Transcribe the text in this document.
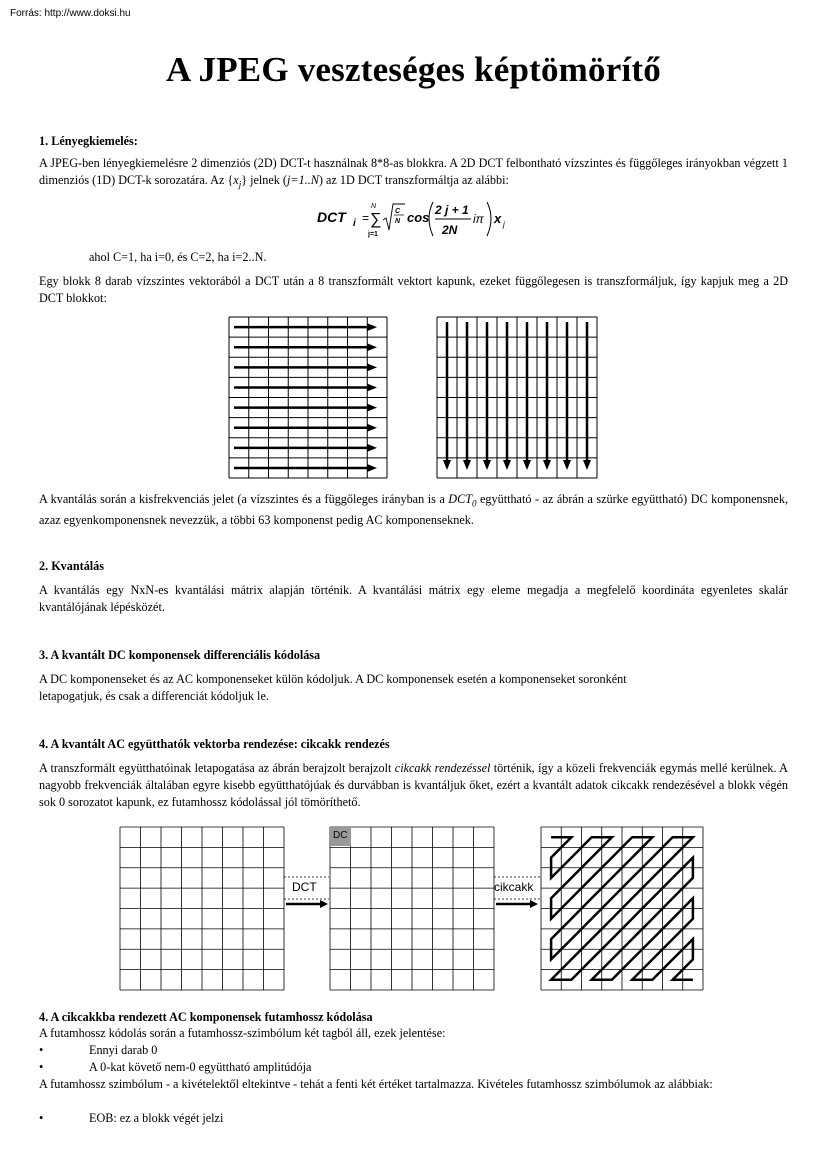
Forrás: http://www.doksi.hu
A JPEG veszteséges képtömörítő
1. Lényegkiemelés:
A JPEG-ben lényegkiemelésre 2 dimenziós (2D) DCT-t használnak 8*8-as blokkra. A 2D DCT felbontható vízszintes és függőleges irányokban végzett 1 dimenziós (1D) DCT-k sorozatára. Az $\{x_j\}$ jelnek (j=1..N) az 1D DCT transzformáltja az alábbi:
DCT i =
N
∑
j=1
C
N cos 2 j + 1
2N
iπ x j
ahol C=1, ha i=0, és C=2, ha i=2..N.
Egy blokk 8 darab vízszintes vektorából a DCT után a 8 transzformált vektort kapunk, ezeket függőlegesen is transzformáljuk, így kapjuk meg a 2D DCT blokkot:
A kvantálás során a kisfrekvenciás jelet (a vízszintes és a függőleges irányban is a $DCT_0$ együttható - az ábrán a szürke együttható) DC komponensnek, azaz egyenkomponensnek nevezzük, a többi 63 komponenst pedig AC komponenseknek.
2. Kvantálás
A kvantálás egy NxN-es kvantálási mátrix alapján történik. A kvantálási mátrix egy eleme megadja a megfelelő koordináta egyenletes skalár kvantálójának lépésközét.
3. A kvantált DC komponensek differenciális kódolása
A DC komponenseket és az AC komponenseket külön kódoljuk. A DC komponensek esetén a komponenseket soronként
letapogatjuk, és csak a differenciát kódoljuk le.
4. A kvantált AC együtthatók vektorba rendezése: cikcakk rendezés
A transzformált együtthatóinak letapogatása az ábrán berajzolt berajzolt cikcakk rendezéssel történik, így a közeli frekvenciák egymás mellé kerülnek. A nagyobb frekvenciák általában egyre kisebb együtthatójúak és durvábban is kvantáljuk őket, ezért a kvantált adatok cikcakk rendezésével a blokk végén sok 0 sorozatot kapunk, ez futamhossz kódolással jól tömöríthető.
DC
DCT	cikcakk
4. A cikcakkba rendezett AC komponensek futamhossz kódolása
A futamhossz kódolás során a futamhossz-szimbólum két tagból áll, ezek jelentése:
•	Ennyi darab 0
•	A 0-kat követő nem-0 együttható amplitúdója
A futamhossz szimbólum - a kivételektől eltekintve - tehát a fenti két értéket tartalmazza. Kivételes futamhossz szimbólumok az alábbiak:
•	EOB: ez a blokk végét jelzi
